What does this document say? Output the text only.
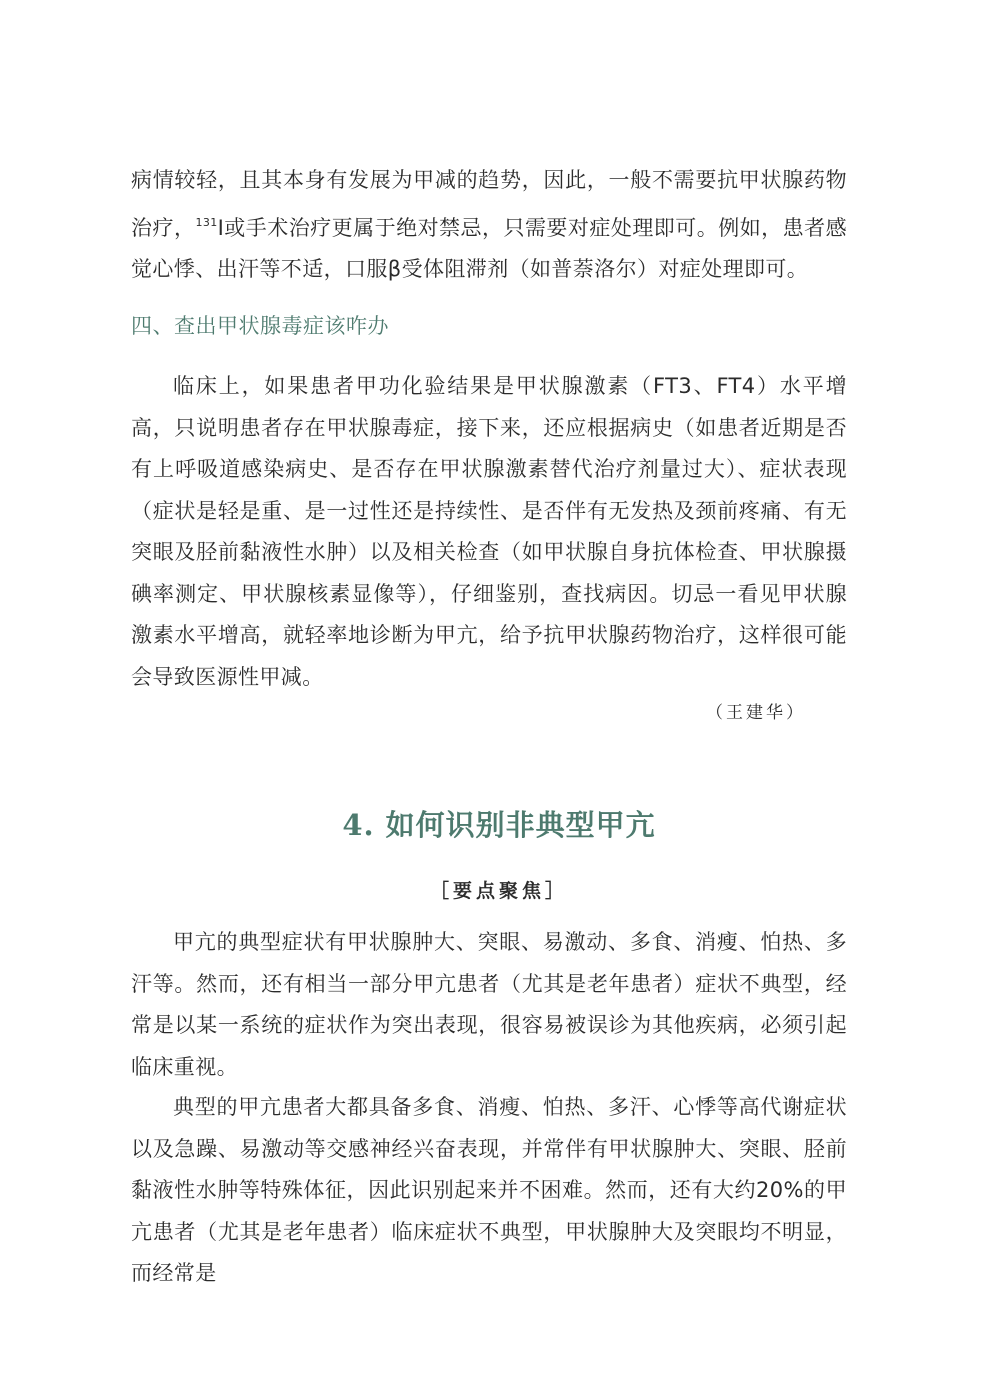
病情较轻，且其本身有发展为甲减的趋势，因此，一般不需要抗甲状腺药物治疗，$^{131}$I或手术治疗更属于绝对禁忌，只需要对症处理即可。例如，患者感觉心悸、出汗等不适，口服β受体阻滞剂（如普萘洛尔）对症处理即可。

四、查出甲状腺毒症该咋办

临床上，如果患者甲功化验结果是甲状腺激素（FT3、FT4）水平增高，只说明患者存在甲状腺毒症，接下来，还应根据病史（如患者近期是否有上呼吸道感染病史、是否存在甲状腺激素替代治疗剂量过大）、症状表现（症状是轻是重、是一过性还是持续性、是否伴有无发热及颈前疼痛、有无突眼及胫前黏液性水肿）以及相关检查（如甲状腺自身抗体检查、甲状腺摄碘率测定、甲状腺核素显像等），仔细鉴别，查找病因。切忌一看见甲状腺激素水平增高，就轻率地诊断为甲亢，给予抗甲状腺药物治疗，这样很可能会导致医源性甲减。

（王建华）
4. 如何识别非典型甲亢
［要点聚焦］

甲亢的典型症状有甲状腺肿大、突眼、易激动、多食、消瘦、怕热、多汗等。然而，还有相当一部分甲亢患者（尤其是老年患者）症状不典型，经常是以某一系统的症状作为突出表现，很容易被误诊为其他疾病，必须引起临床重视。

典型的甲亢患者大都具备多食、消瘦、怕热、多汗、心悸等高代谢症状以及急躁、易激动等交感神经兴奋表现，并常伴有甲状腺肿大、突眼、胫前黏液性水肿等特殊体征，因此识别起来并不困难。然而，还有大约20%的甲亢患者（尤其是老年患者）临床症状不典型，甲状腺肿大及突眼均不明显，而经常是
